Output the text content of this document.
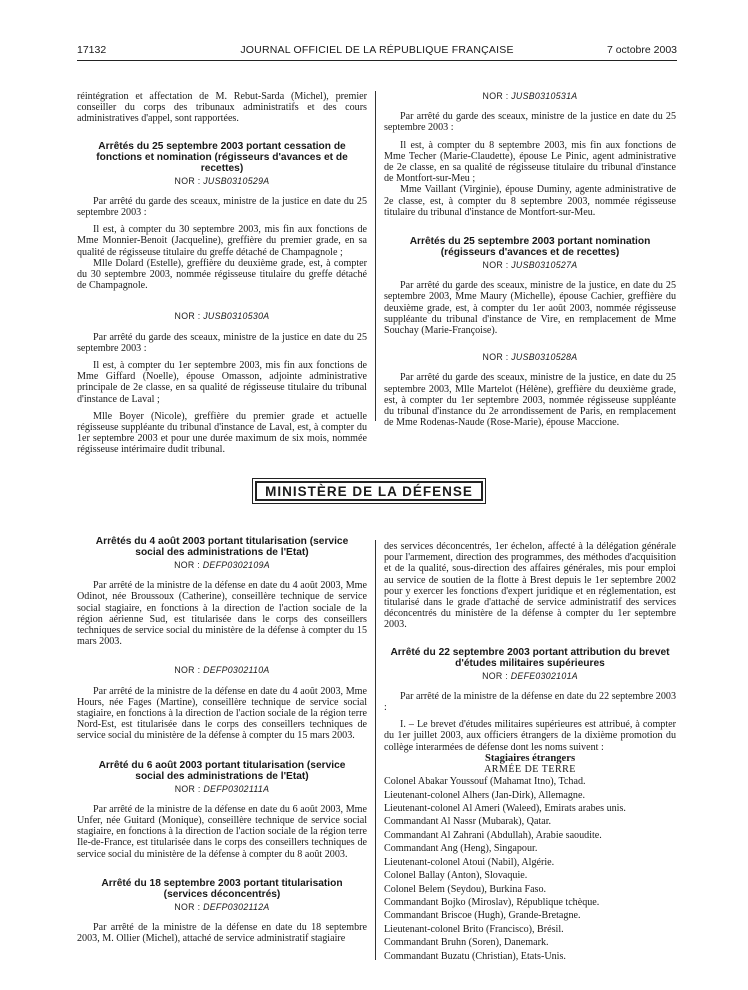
17132	JOURNAL OFFICIEL DE LA RÉPUBLIQUE FRANÇAISE	7 octobre 2003

réintégration et affectation de M. Rebut-Sarda (Michel), premier conseiller du corps des tribunaux administratifs et des cours administratives d'appel, sont rapportées.

Arrêtés du 25 septembre 2003 portant cessation de fonctions et nomination (régisseurs d'avances et de recettes)

NOR : JUSB0310529A

Par arrêté du garde des sceaux, ministre de la justice en date du 25 septembre 2003 :

Il est, à compter du 30 septembre 2003, mis fin aux fonctions de Mme Monnier-Benoit (Jacqueline), greffière du premier grade, en sa qualité de régisseuse titulaire du greffe détaché de Champagnole ;

Mlle Dolard (Estelle), greffière du deuxième grade, est, à compter du 30 septembre 2003, nommée régisseuse titulaire du greffe détaché de Champagnole.

NOR : JUSB0310530A

Par arrêté du garde des sceaux, ministre de la justice en date du 25 septembre 2003 :

Il est, à compter du 1er septembre 2003, mis fin aux fonctions de Mme Giffard (Noelle), épouse Omasson, adjointe administrative principale de 2e classe, en sa qualité de régisseuse titulaire du tribunal d'instance de Laval ;

Mlle Boyer (Nicole), greffière du premier grade et actuelle régisseuse suppléante du tribunal d'instance de Laval, est, à compter du 1er septembre 2003 et pour une durée maximum de six mois, nommée régisseuse intérimaire dudit tribunal.

NOR : JUSB0310531A

Par arrêté du garde des sceaux, ministre de la justice en date du 25 septembre 2003 :

Il est, à compter du 8 septembre 2003, mis fin aux fonctions de Mme Techer (Marie-Claudette), épouse Le Pinic, agent administrative de 2e classe, en sa qualité de régisseuse titulaire du tribunal d'instance de Montfort-sur-Meu ;

Mme Vaillant (Virginie), épouse Duminy, agente administrative de 2e classe, est, à compter du 8 septembre 2003, nommée régisseuse titulaire du tribunal d'instance de Montfort-sur-Meu.

Arrêtés du 25 septembre 2003 portant nomination (régisseurs d'avances et de recettes)

NOR : JUSB0310527A

Par arrêté du garde des sceaux, ministre de la justice, en date du 25 septembre 2003, Mme Maury (Michelle), épouse Cachier, greffière du deuxième grade, est, à compter du 1er août 2003, nommée régisseuse suppléante du tribunal d'instance de Vire, en remplacement de Mme Souchay (Marie-Françoise).

NOR : JUSB0310528A

Par arrêté du garde des sceaux, ministre de la justice, en date du 25 septembre 2003, Mlle Martelot (Hélène), greffière du deuxième grade, est, à compter du 1er septembre 2003, nommée régisseuse suppléante du tribunal d'instance du 2e arrondissement de Paris, en remplacement de Mme Rodenas-Naude (Rose-Marie), épouse Maccione.

MINISTÈRE DE LA DÉFENSE

Arrêtés du 4 août 2003 portant titularisation (service social des administrations de l'Etat)

NOR : DEFP0302109A

Par arrêté de la ministre de la défense en date du 4 août 2003, Mme Odinot, née Broussoux (Catherine), conseillère technique de service social stagiaire, en fonctions à la direction de l'action sociale de la région aérienne Sud, est titularisée dans le corps des conseillers techniques de service social du ministère de la défense à compter du 15 mars 2003.

NOR : DEFP0302110A

Par arrêté de la ministre de la défense en date du 4 août 2003, Mme Hours, née Fages (Martine), conseillère technique de service social stagiaire, en fonctions à la direction de l'action sociale de la région terre Nord-Est, est titularisée dans le corps des conseillers techniques de service social du ministère de la défense à compter du 15 mars 2003.

Arrêté du 6 août 2003 portant titularisation (service social des administrations de l'Etat)

NOR : DEFP0302111A

Par arrêté de la ministre de la défense en date du 6 août 2003, Mme Unfer, née Guitard (Monique), conseillère technique de service social stagiaire, en fonctions à la direction de l'action sociale de la région terre Ile-de-France, est titularisée dans le corps des conseillers techniques de service social du ministère de la défense à compter du 8 août 2003.

Arrêté du 18 septembre 2003 portant titularisation (services déconcentrés)

NOR : DEFP0302112A

Par arrêté de la ministre de la défense en date du 18 septembre 2003, M. Ollier (Michel), attaché de service administratif stagiaire

des services déconcentrés, 1er échelon, affecté à la délégation générale pour l'armement, direction des programmes, des méthodes d'acquisition et de la qualité, sous-direction des affaires générales, mis pour emploi au service de soutien de la flotte à Brest depuis le 1er septembre 2002 pour y exercer les fonctions d'expert juridique et en réglementation, est titularisé dans le grade d'attaché de service administratif des services déconcentrés du ministère de la défense à compter du 1er septembre 2003.

Arrêté du 22 septembre 2003 portant attribution du brevet d'études militaires supérieures

NOR : DEFE0302101A

Par arrêté de la ministre de la défense en date du 22 septembre 2003 :

I. – Le brevet d'études militaires supérieures est attribué, à compter du 1er juillet 2003, aux officiers étrangers de la dixième promotion du collège interarmées de défense dont les noms suivent :

Stagiaires étrangers

ARMÉE DE TERRE

Colonel Abakar Youssouf (Mahamat Itno), Tchad.

Lieutenant-colonel Alhers (Jan-Dirk), Allemagne.

Lieutenant-colonel Al Ameri (Waleed), Emirats arabes unis.

Commandant Al Nassr (Mubarak), Qatar.

Commandant Al Zahrani (Abdullah), Arabie saoudite.

Commandant Ang (Heng), Singapour.

Lieutenant-colonel Atoui (Nabil), Algérie.

Colonel Ballay (Anton), Slovaquie.

Colonel Belem (Seydou), Burkina Faso.

Commandant Bojko (Miroslav), République tchèque.

Commandant Briscoe (Hugh), Grande-Bretagne.

Lieutenant-colonel Brito (Francisco), Brésil.

Commandant Bruhn (Soren), Danemark.

Commandant Buzatu (Christian), Etats-Unis.
